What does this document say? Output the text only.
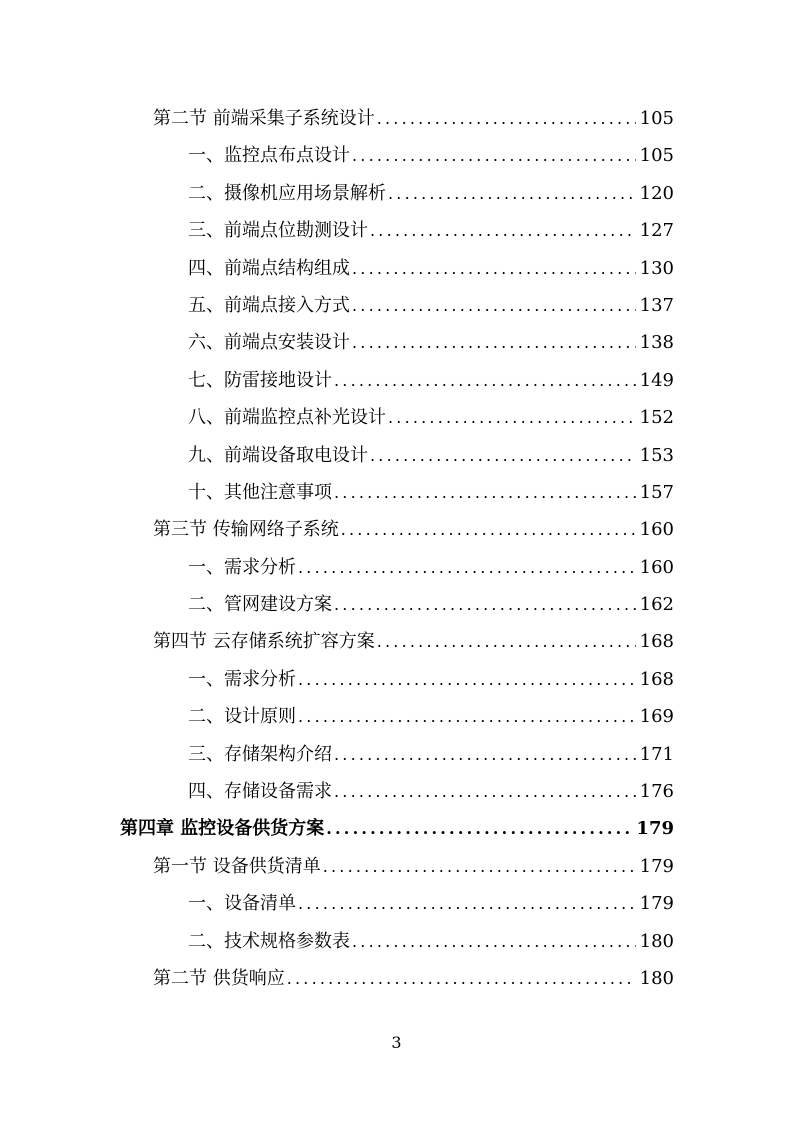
第二节 前端采集子系统设计 .....	105
一、监控点布点设计 .....	105
二、摄像机应用场景解析 .....	120
三、前端点位勘测设计 .....	127
四、前端点结构组成 .....	130
五、前端点接入方式 .....	137
六、前端点安装设计 .....	138
七、防雷接地设计 .....	149
八、前端监控点补光设计 .....	152
九、前端设备取电设计 .....	153
十、其他注意事项 .....	157
第三节 传输网络子系统 .....	160
一、需求分析 .....	160
二、管网建设方案 .....	162
第四节 云存储系统扩容方案 .....	168
一、需求分析 .....	168
二、设计原则 .....	169
三、存储架构介绍 .....	171
四、存储设备需求 .....	176
第四章 监控设备供货方案 .....	179
第一节 设备供货清单 .....	179
一、设备清单 .....	179
二、技术规格参数表 .....	180
第二节 供货响应 .....	180
3
